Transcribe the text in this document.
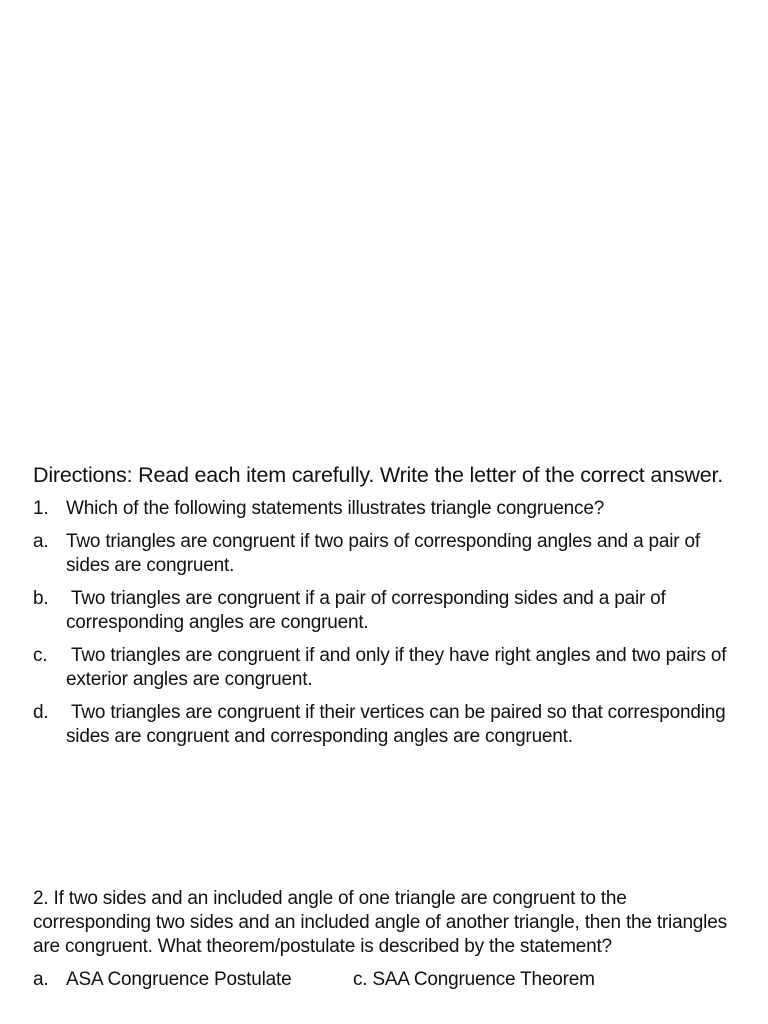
Directions: Read each item carefully. Write the letter of the correct answer.

1. Which of the following statements illustrates triangle congruence?
a. Two triangles are congruent if two pairs of corresponding angles and a pair of sides are congruent.
b.	Two triangles are congruent if a pair of corresponding sides and a pair of corresponding angles are congruent.
c.	Two triangles are congruent if and only if they have right angles and two pairs of exterior angles are congruent.
d.	Two triangles are congruent if their vertices can be paired so that corresponding sides are congruent and corresponding angles are congruent.

2. If two sides and an included angle of one triangle are congruent to the corresponding two sides and an included angle of another triangle, then the triangles are congruent. What theorem/postulate is described by the statement?

a. ASA Congruence Postulate	c. SAA Congruence Theorem
